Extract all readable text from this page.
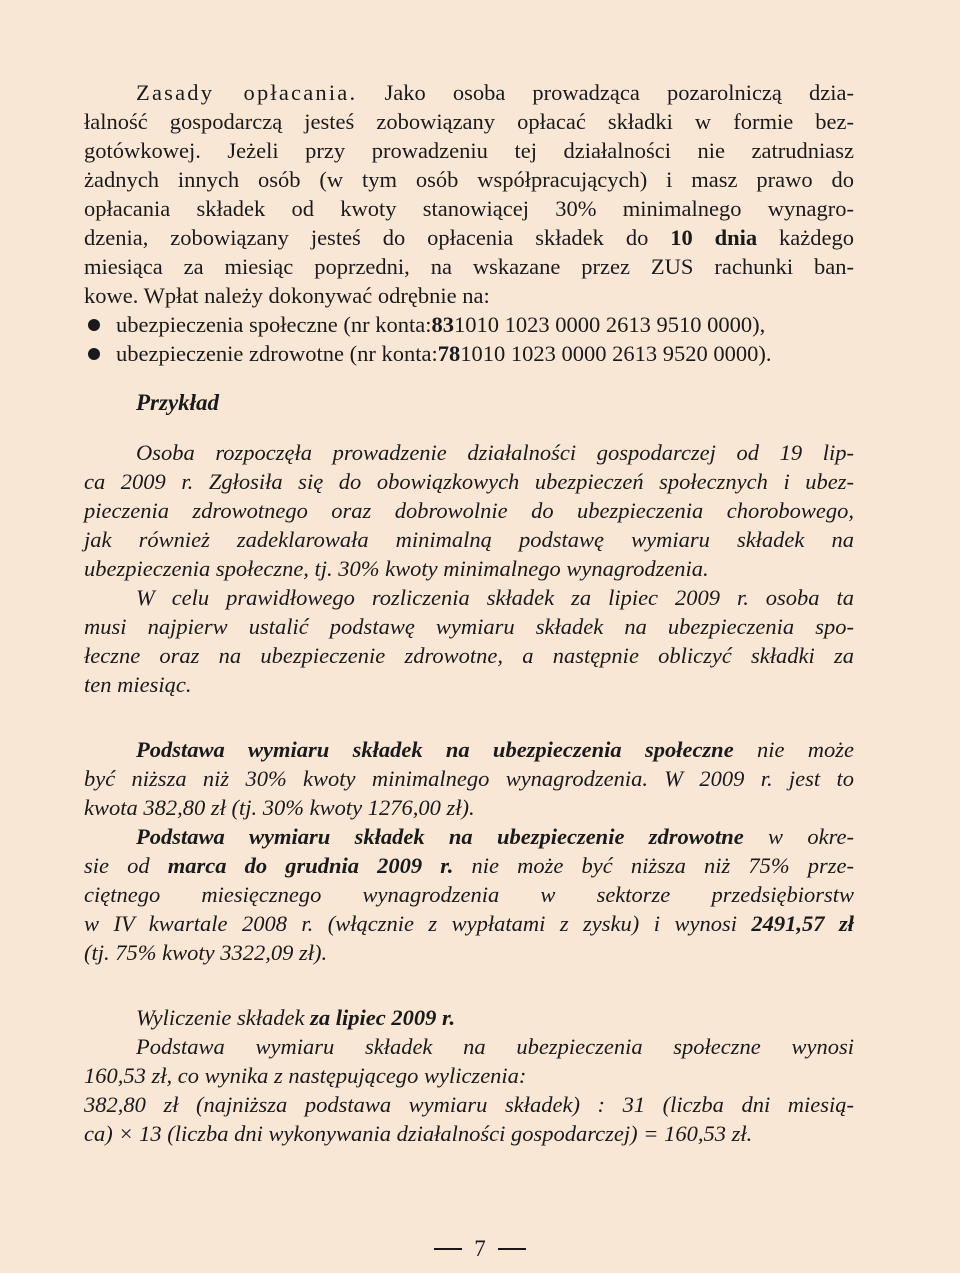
Zasady opłacania. Jako osoba prowadząca pozarolniczą dzia-
łalność gospodarczą jesteś zobowiązany opłacać składki w formie bez-
gotówkowej. Jeżeli przy prowadzeniu tej działalności nie zatrudniasz
żadnych innych osób (w tym osób współpracujących) i masz prawo do
opłacania składek od kwoty stanowiącej 30% minimalnego wynagro-
dzenia, zobowiązany jesteś do opłacenia składek do 10 dnia każdego
miesiąca za miesiąc poprzedni, na wskazane przez ZUS rachunki ban-
kowe. Wpłat należy dokonywać odrębnie na:
ubezpieczenia społeczne (nr konta: 83 1010 1023 0000 2613 9510 0000),
ubezpieczenie zdrowotne (nr konta: 78 1010 1023 0000 2613 9520 0000).
Przykład
Osoba rozpoczęła prowadzenie działalności gospodarczej od 19 lip-
ca 2009 r. Zgłosiła się do obowiązkowych ubezpieczeń społecznych i ubez-
pieczenia zdrowotnego oraz dobrowolnie do ubezpieczenia chorobowego,
jak również zadeklarowała minimalną podstawę wymiaru składek na
ubezpieczenia społeczne, tj. 30% kwoty minimalnego wynagrodzenia.
W celu prawidłowego rozliczenia składek za lipiec 2009 r. osoba ta
musi najpierw ustalić podstawę wymiaru składek na ubezpieczenia spo-
łeczne oraz na ubezpieczenie zdrowotne, a następnie obliczyć składki za
ten miesiąc.
Podstawa wymiaru składek na ubezpieczenia społeczne nie może
być niższa niż 30% kwoty minimalnego wynagrodzenia. W 2009 r. jest to
kwota 382,80 zł (tj. 30% kwoty 1276,00 zł).
Podstawa wymiaru składek na ubezpieczenie zdrowotne w okre-
sie od marca do grudnia 2009 r. nie może być niższa niż 75% prze-
ciętnego miesięcznego wynagrodzenia w sektorze przedsiębiorstw
w IV kwartale 2008 r. (włącznie z wypłatami z zysku) i wynosi 2491,57 zł
(tj. 75% kwoty 3322,09 zł).
Wyliczenie składek za lipiec 2009 r.
Podstawa wymiaru składek na ubezpieczenia społeczne wynosi
160,53 zł, co wynika z następującego wyliczenia:
382,80 zł (najniższa podstawa wymiaru składek) : 31 (liczba dni miesią-
ca) × 13 (liczba dni wykonywania działalności gospodarczej) = 160,53 zł.
7
